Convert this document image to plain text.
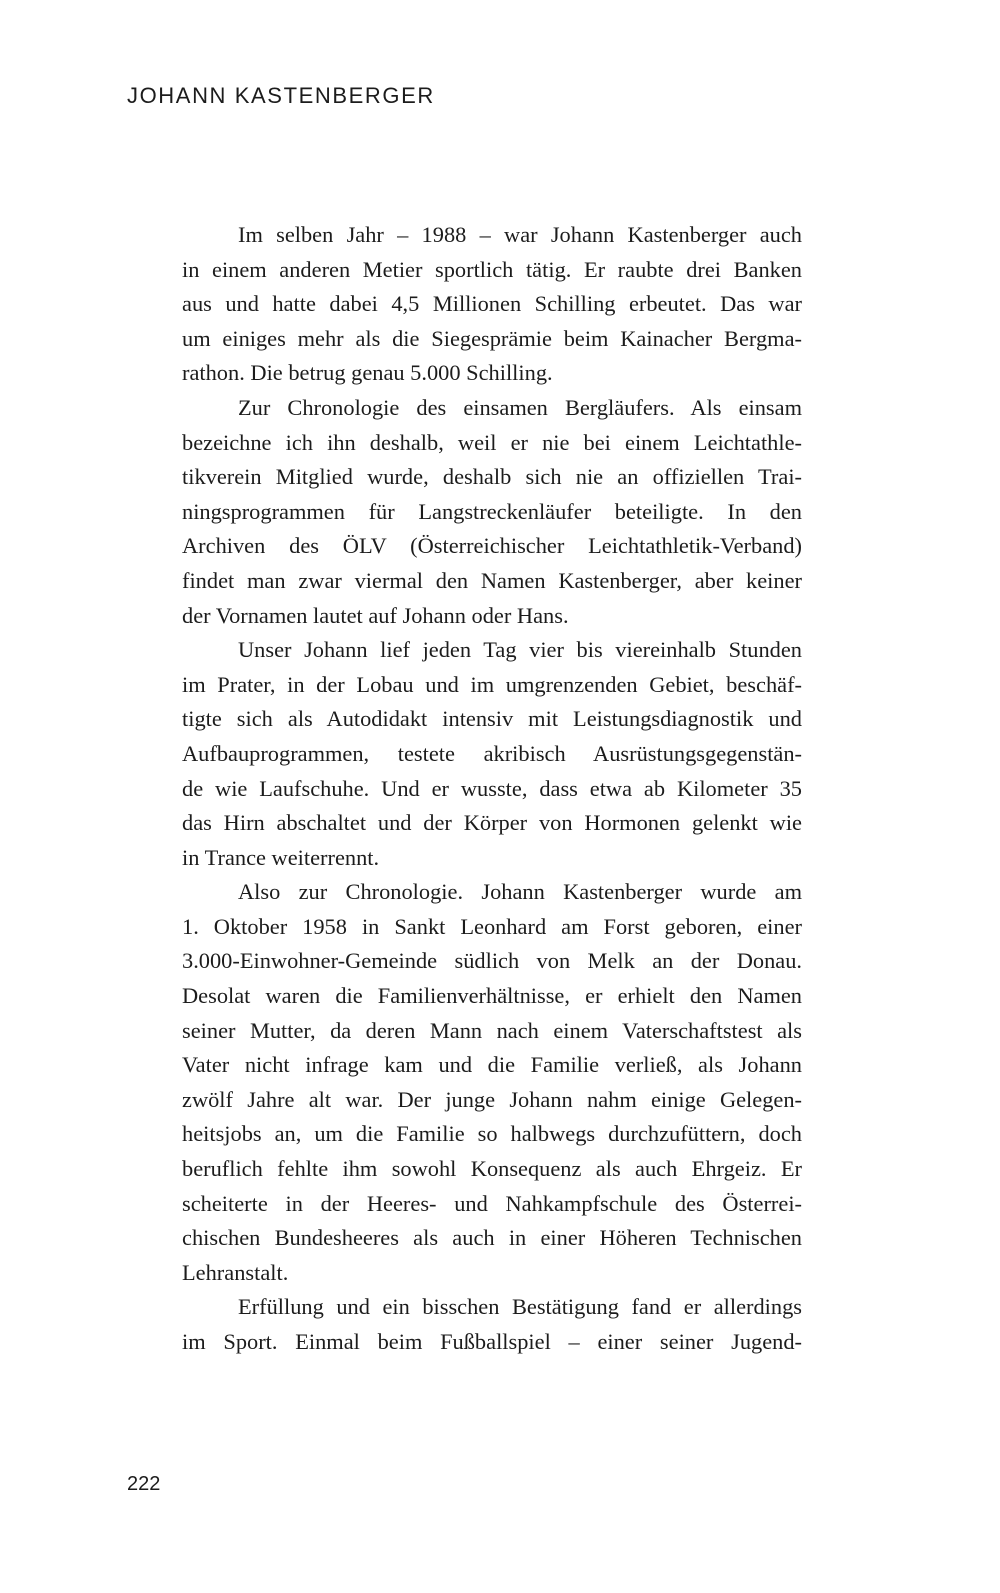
JOHANN KASTENBERGER
Im selben Jahr – 1988 – war Johann Kastenberger auch
in einem anderen Metier sportlich tätig. Er raubte drei Banken
aus und hatte dabei 4,5 Millionen Schilling erbeutet. Das war
um einiges mehr als die Siegesprämie beim Kainacher Bergma-
rathon. Die betrug genau 5.000 Schilling.
Zur Chronologie des einsamen Bergläufers. Als einsam
bezeichne ich ihn deshalb, weil er nie bei einem Leichtathle-
tikverein Mitglied wurde, deshalb sich nie an offiziellen Trai-
ningsprogrammen für Langstreckenläufer beteiligte. In den
Archiven des ÖLV (Österreichischer Leichtathletik-Verband)
findet man zwar viermal den Namen Kastenberger, aber keiner
der Vornamen lautet auf Johann oder Hans.
Unser Johann lief jeden Tag vier bis viereinhalb Stunden
im Prater, in der Lobau und im umgrenzenden Gebiet, beschäf-
tigte sich als Autodidakt intensiv mit Leistungsdiagnostik und
Aufbauprogrammen, testete akribisch Ausrüstungsgegenstän-
de wie Laufschuhe. Und er wusste, dass etwa ab Kilometer 35
das Hirn abschaltet und der Körper von Hormonen gelenkt wie
in Trance weiterrennt.
Also zur Chronologie. Johann Kastenberger wurde am
1. Oktober 1958 in Sankt Leonhard am Forst geboren, einer
3.000-Einwohner-Gemeinde südlich von Melk an der Donau.
Desolat waren die Familienverhältnisse, er erhielt den Namen
seiner Mutter, da deren Mann nach einem Vaterschaftstest als
Vater nicht infrage kam und die Familie verließ, als Johann
zwölf Jahre alt war. Der junge Johann nahm einige Gelegen-
heitsjobs an, um die Familie so halbwegs durchzufüttern, doch
beruflich fehlte ihm sowohl Konsequenz als auch Ehrgeiz. Er
scheiterte in der Heeres- und Nahkampfschule des Österrei-
chischen Bundesheeres als auch in einer Höheren Technischen
Lehranstalt.
Erfüllung und ein bisschen Bestätigung fand er allerdings
im Sport. Einmal beim Fußballspiel – einer seiner Jugend-
222
